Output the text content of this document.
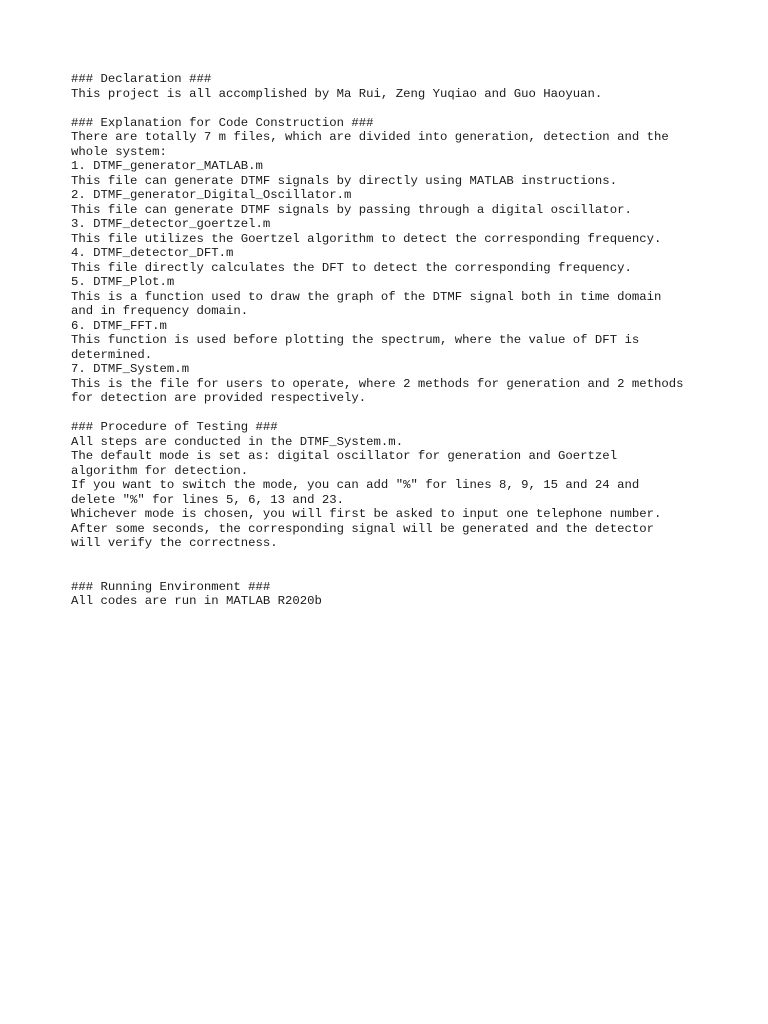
### Declaration ###
This project is all accomplished by Ma Rui, Zeng Yuqiao and Guo Haoyuan.
### Explanation for Code Construction ###
There are totally 7 m files, which are divided into generation, detection and the
whole system:
1. DTMF_generator_MATLAB.m
This file can generate DTMF signals by directly using MATLAB instructions.
2. DTMF_generator_Digital_Oscillator.m
This file can generate DTMF signals by passing through a digital oscillator.
3. DTMF_detector_goertzel.m
This file utilizes the Goertzel algorithm to detect the corresponding frequency.
4. DTMF_detector_DFT.m
This file directly calculates the DFT to detect the corresponding frequency.
5. DTMF_Plot.m
This is a function used to draw the graph of the DTMF signal both in time domain
and in frequency domain.
6. DTMF_FFT.m
This function is used before plotting the spectrum, where the value of DFT is
determined.
7. DTMF_System.m
This is the file for users to operate, where 2 methods for generation and 2 methods
for detection are provided respectively.
### Procedure of Testing ###
All steps are conducted in the DTMF_System.m.
The default mode is set as: digital oscillator for generation and Goertzel
algorithm for detection.
If you want to switch the mode, you can add "%" for lines 8, 9, 15 and 24 and
delete "%" for lines 5, 6, 13 and 23.
Whichever mode is chosen, you will first be asked to input one telephone number.
After some seconds, the corresponding signal will be generated and the detector
will verify the correctness.
### Running Environment ###
All codes are run in MATLAB R2020b
